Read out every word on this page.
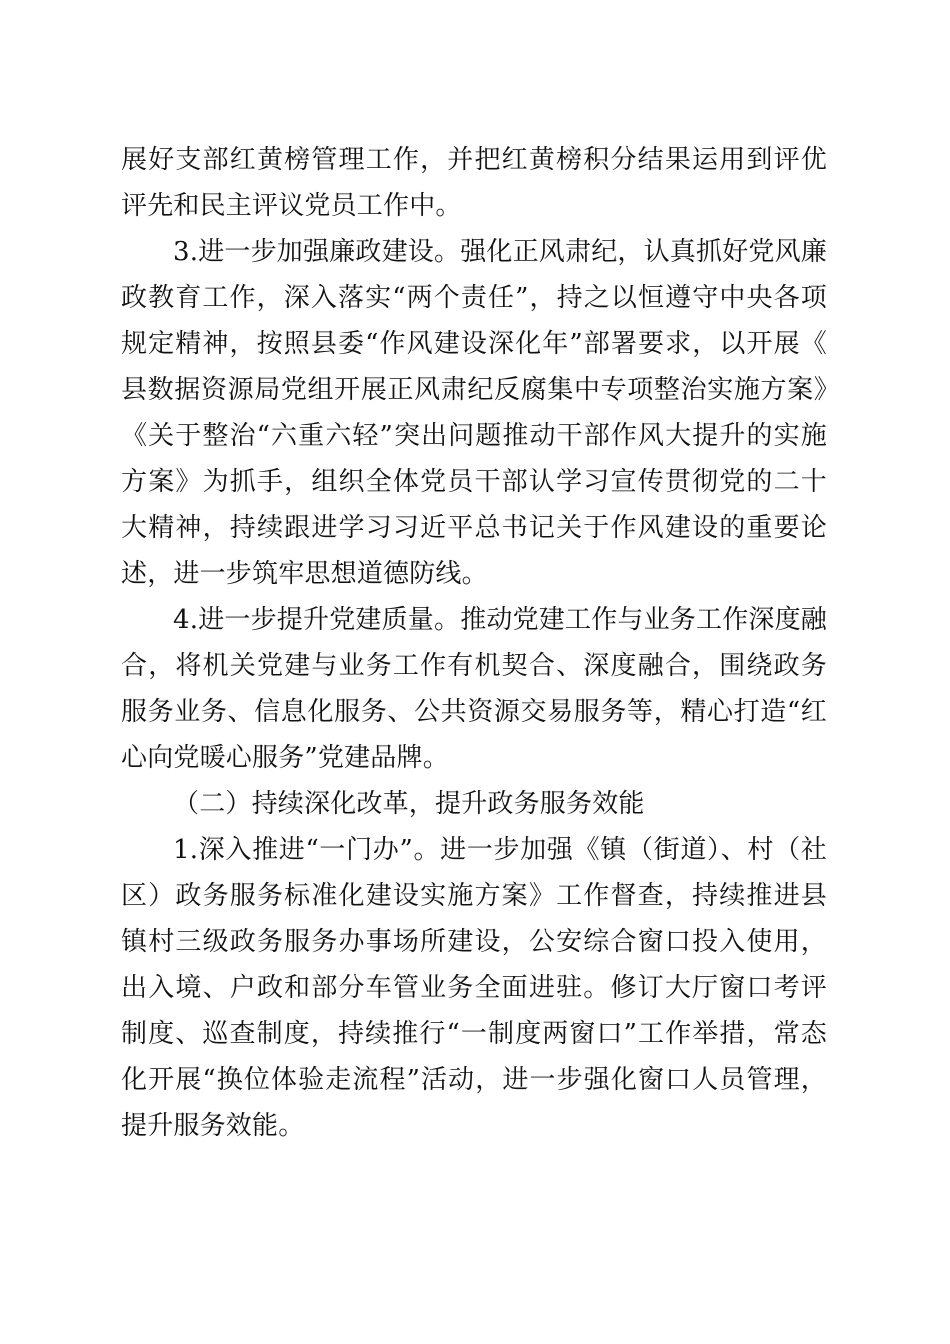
展好支部红黄榜管理工作，并把红黄榜积分结果运用到评优评先和民主评议党员工作中。

3.进一步加强廉政建设。强化正风肃纪，认真抓好党风廉政教育工作，深入落实“两个责任”，持之以恒遵守中央各项规定精神，按照县委“作风建设深化年”部署要求，以开展《县数据资源局党组开展正风肃纪反腐集中专项整治实施方案》《关于整治“六重六轻”突出问题推动干部作风大提升的实施方案》为抓手，组织全体党员干部认学习宣传贯彻党的二十大精神，持续跟进学习习近平总书记关于作风建设的重要论述，进一步筑牢思想道德防线。

4.进一步提升党建质量。推动党建工作与业务工作深度融合，将机关党建与业务工作有机契合、深度融合，围绕政务服务业务、信息化服务、公共资源交易服务等，精心打造“红心向党暖心服务”党建品牌。

（二）持续深化改革，提升政务服务效能

1.深入推进“一门办”。进一步加强《镇（街道）、村（社区）政务服务标准化建设实施方案》工作督查，持续推进县镇村三级政务服务办事场所建设，公安综合窗口投入使用，出入境、户政和部分车管业务全面进驻。修订大厅窗口考评制度、巡查制度，持续推行“一制度两窗口”工作举措，常态化开展“换位体验走流程”活动，进一步强化窗口人员管理，提升服务效能。
